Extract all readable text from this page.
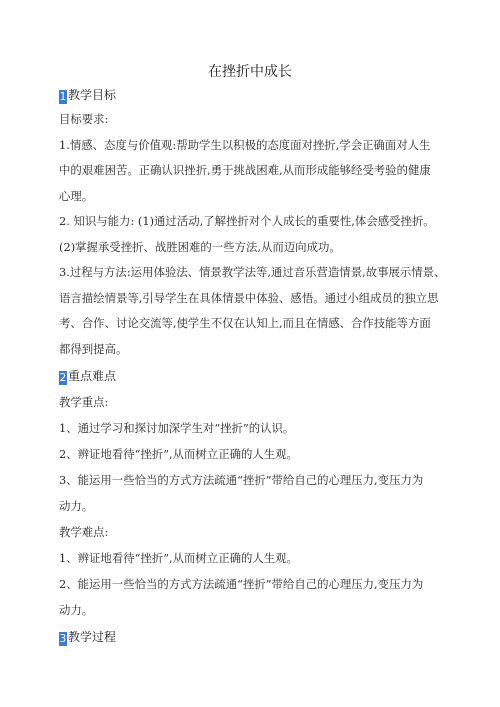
在挫折中成长
1 教学目标
目标要求:
1.情感、态度与价值观:帮助学生以积极的态度面对挫折,学会正确面对人生
中的艰难困苦。正确认识挫折,勇于挑战困难,从而形成能够经受考验的健康
心理。
2. 知识与能力: (1)通过活动,了解挫折对个人成长的重要性,体会感受挫折。
(2)掌握承受挫折、战胜困难的一些方法,从而迈向成功。
3.过程与方法:运用体验法、情景教学法等,通过音乐营造情景,故事展示情景、
语言描绘情景等,引导学生在具体情景中体验、感悟。通过小组成员的独立思
考、合作、讨论交流等,使学生不仅在认知上,而且在情感、合作技能等方面
都得到提高。
2 重点难点
教学重点:
1、通过学习和探讨加深学生对“挫折”的认识。
2、辨证地看待“挫折”,从而树立正确的人生观。
3、能运用一些恰当的方式方法疏通“挫折”带给自己的心理压力,变压力为
动力。
教学难点:
1、辨证地看待“挫折”,从而树立正确的人生观。
2、能运用一些恰当的方式方法疏通“挫折”带给自己的心理压力,变压力为
动力。
3 教学过程
